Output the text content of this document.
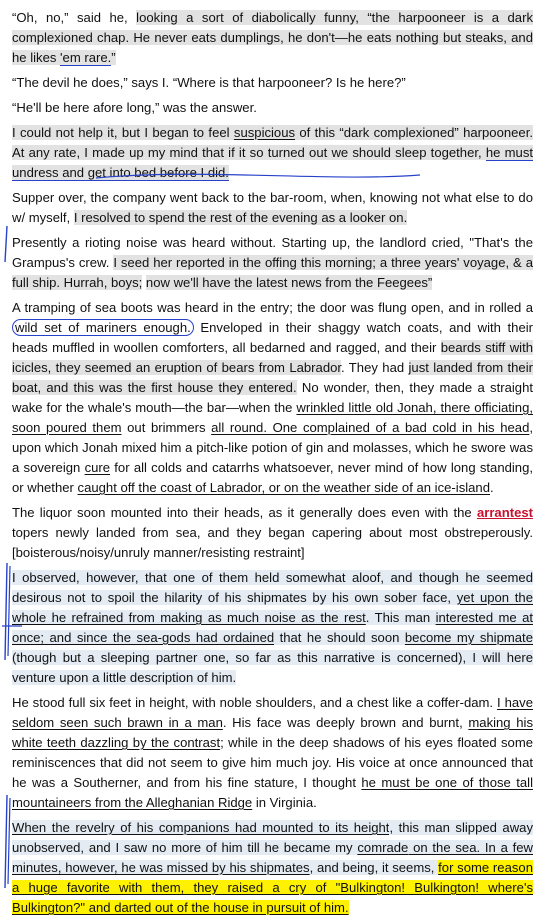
“Oh, no,” said he, looking a sort of diabolically funny, “the harpooneer is a dark complexioned chap. He never eats dumplings, he don't—he eats nothing but steaks, and he likes 'em rare.”

“The devil he does,” says I. “Where is that harpooneer? Is he here?”

“He'll be here afore long,” was the answer.

I could not help it, but I began to feel suspicious of this “dark complexioned” harpooneer. At any rate, I made up my mind that if it so turned out we should sleep together, he must undress and get into bed before I did.

Supper over, the company went back to the bar-room, when, knowing not what else to do w/ myself, I resolved to spend the rest of the evening as a looker on.

Presently a rioting noise was heard without. Starting up, the landlord cried, "That's the Grampus's crew. I seed her reported in the offing this morning; a three years' voyage, & a full ship. Hurrah, boys; now we'll have the latest news from the Feegees”

A tramping of sea boots was heard in the entry; the door was flung open, and in rolled a wild set of mariners enough. Enveloped in their shaggy watch coats, and with their heads muffled in woollen comforters, all bedarned and ragged, and their beards stiff with icicles, they seemed an eruption of bears from Labrador. They had just landed from their boat, and this was the first house they entered. No wonder, then, they made a straight wake for the whale's mouth—the bar—when the wrinkled little old Jonah, there officiating, soon poured them out brimmers all round. One complained of a bad cold in his head, upon which Jonah mixed him a pitch-like potion of gin and molasses, which he swore was a sovereign cure for all colds and catarrhs whatsoever, never mind of how long standing, or whether caught off the coast of Labrador, or on the weather side of an ice-island.

The liquor soon mounted into their heads, as it generally does even with the arrantest topers newly landed from sea, and they began capering about most obstreperously. [boisterous/noisy/unruly manner/resisting restraint]

I observed, however, that one of them held somewhat aloof, and though he seemed desirous not to spoil the hilarity of his shipmates by his own sober face, yet upon the whole he refrained from making as much noise as the rest. This man interested me at once; and since the sea-gods had ordained that he should soon become my shipmate (though but a sleeping partner one, so far as this narrative is concerned), I will here venture upon a little description of him.

He stood full six feet in height, with noble shoulders, and a chest like a coffer-dam. I have seldom seen such brawn in a man. His face was deeply brown and burnt, making his white teeth dazzling by the contrast; while in the deep shadows of his eyes floated some reminiscences that did not seem to give him much joy. His voice at once announced that he was a Southerner, and from his fine stature, I thought he must be one of those tall mountaineers from the Alleghanian Ridge in Virginia.

When the revelry of his companions had mounted to its height, this man slipped away unobserved, and I saw no more of him till he became my comrade on the sea. In a few minutes, however, he was missed by his shipmates, and being, it seems, for some reason a huge favorite with them, they raised a cry of "Bulkington! Bulkington! where's Bulkington?" and darted out of the house in pursuit of him.
